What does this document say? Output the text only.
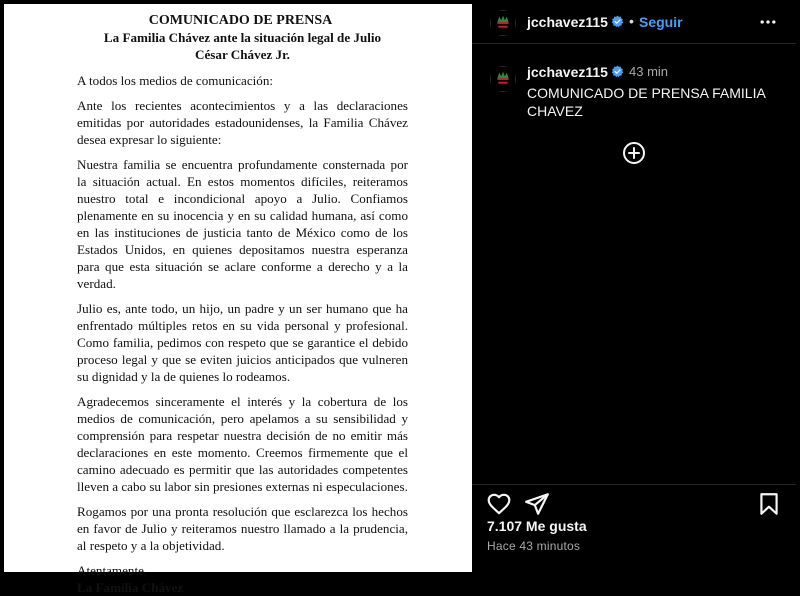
COMUNICADO DE PRENSA
La Familia Chávez ante la situación legal de Julio César Chávez Jr.

A todos los medios de comunicación:

Ante los recientes acontecimientos y a las declaraciones emitidas por autoridades estadounidenses, la Familia Chávez desea expresar lo siguiente:

Nuestra familia se encuentra profundamente consternada por la situación actual. En estos momentos difíciles, reiteramos nuestro total e incondicional apoyo a Julio. Confiamos plenamente en su inocencia y en su calidad humana, así como en las instituciones de justicia tanto de México como de los Estados Unidos, en quienes depositamos nuestra esperanza para que esta situación se aclare conforme a derecho y a la verdad.

Julio es, ante todo, un hijo, un padre y un ser humano que ha enfrentado múltiples retos en su vida personal y profesional. Como familia, pedimos con respeto que se garantice el debido proceso legal y que se eviten juicios anticipados que vulneren su dignidad y la de quienes lo rodeamos.

Agradecemos sinceramente el interés y la cobertura de los medios de comunicación, pero apelamos a su sensibilidad y comprensión para respetar nuestra decisión de no emitir más declaraciones en este momento. Creemos firmemente que el camino adecuado es permitir que las autoridades competentes lleven a cabo su labor sin presiones externas ni especulaciones.

Rogamos por una pronta resolución que esclarezca los hechos en favor de Julio y reiteramos nuestro llamado a la prudencia, al respeto y a la objetividad.

Atentamente,

La Familia Chávez

jcchavez115 • Seguir
jcchavez115 43 min
COMUNICADO DE PRENSA FAMILIA CHAVEZ
7.107 Me gusta
Hace 43 minutos
